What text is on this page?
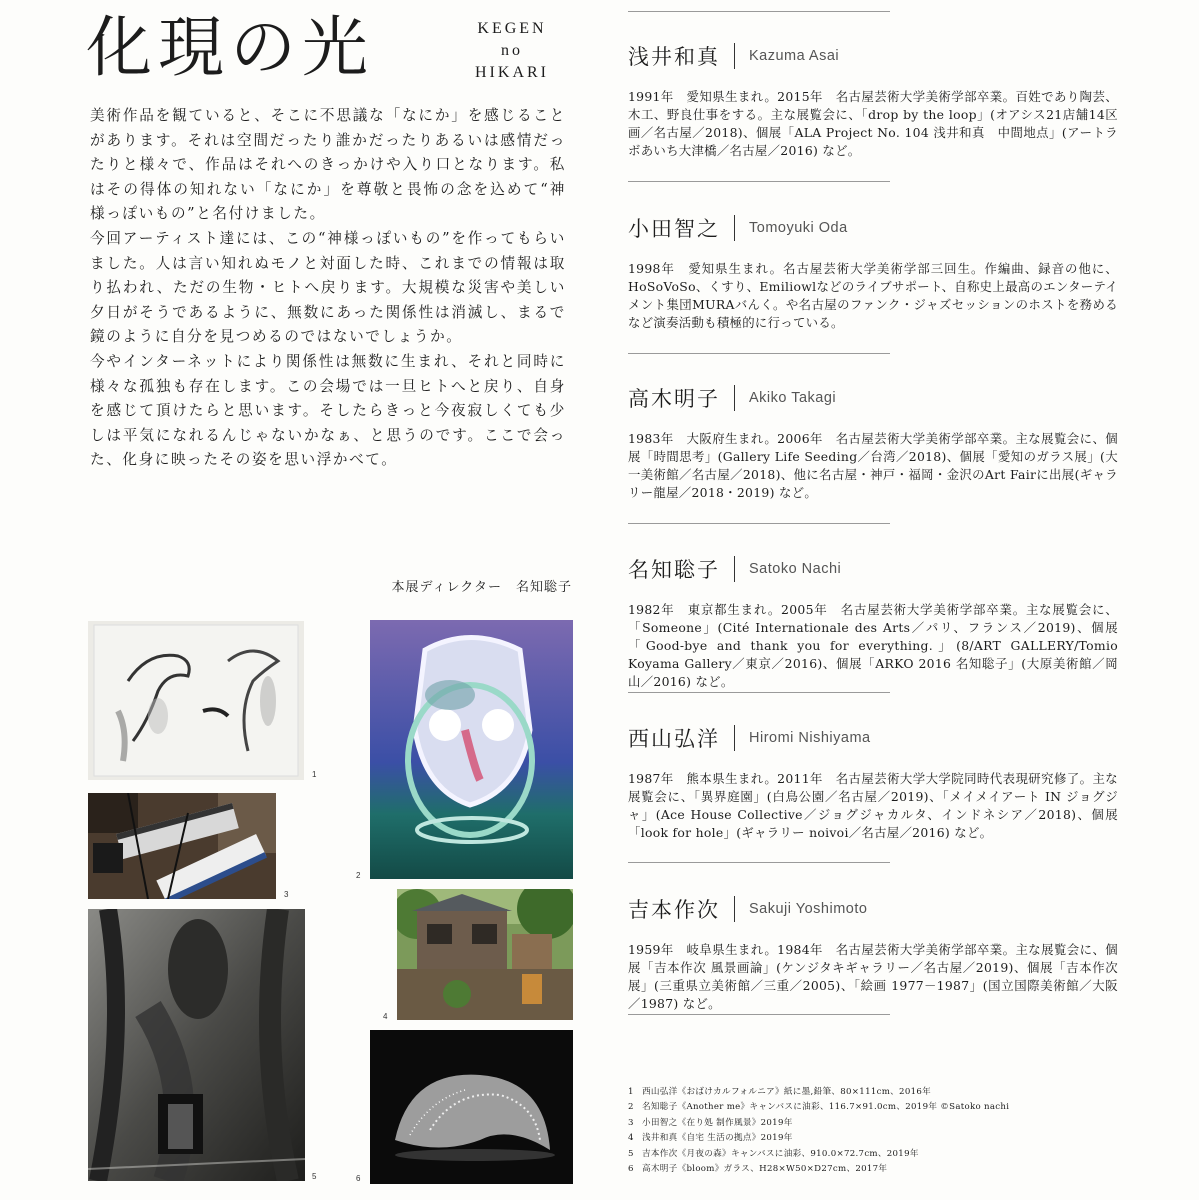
化現の光	KEGEN
no
HIKARI

美術作品を観ていると、そこに不思議な「なにか」を感じることがあります。それは空間だったり誰かだったりあるいは感情だったりと様々で、作品はそれへのきっかけや入り口となります。私はその得体の知れない「なにか」を尊敬と畏怖の念を込めて“神様っぽいもの”と名付けました。

今回アーティスト達には、この“神様っぽいもの”を作ってもらいました。人は言い知れぬモノと対面した時、これまでの情報は取り払われ、ただの生物・ヒトへ戻ります。大規模な災害や美しい夕日がそうであるように、無数にあった関係性は消滅し、まるで鏡のように自分を見つめるのではないでしょうか。

今やインターネットにより関係性は無数に生まれ、それと同時に様々な孤独も存在します。この会場では一旦ヒトへと戻り、自身を感じて頂けたらと思います。そしたらきっと今夜寂しくても少しは平気になれるんじゃないかなぁ、と思うのです。ここで会った、化身に映ったその姿を思い浮かべて。

本展ディレクター　名知聡子
1
2
3
4
5	6
浅井和真 Kazuma Asai
1991年　愛知県生まれ。2015年　名古屋芸術大学美術学部卒業。百姓であり陶芸、木工、野良仕事をする。主な展覧会に、「drop by the loop」(オアシス21店舗14区画／名古屋／2018)、個展「ALA Project No. 104 浅井和真　中間地点」(アートラボあいち大津橋／名古屋／2016) など。
小田智之 Tomoyuki Oda
1998年　愛知県生まれ。名古屋芸術大学美術学部三回生。作編曲、録音の他に、HoSoVoSo、くすり、Emiliowlなどのライブサポート、自称史上最高のエンターテイメント集団MURAバんく。や名古屋のファンク・ジャズセッションのホストを務めるなど演奏活動も積極的に行っている。
高木明子 Akiko Takagi
1983年　大阪府生まれ。2006年　名古屋芸術大学美術学部卒業。主な展覧会に、個展「時間思考」(Gallery Life Seeding／台湾／2018)、個展「愛知のガラス展」(大一美術館／名古屋／2018)、他に名古屋・神戸・福岡・金沢のArt Fairに出展(ギャラリー龍屋／2018・2019) など。
名知聡子 Satoko Nachi
1982年　東京都生まれ。2005年　名古屋芸術大学美術学部卒業。主な展覧会に、「Someone」(Cité Internationale des Arts／パリ、フランス／2019)、個展「Good-bye and thank you for everything.」(8/ART GALLERY/Tomio Koyama Gallery／東京／2016)、個展「ARKO 2016 名知聡子」(大原美術館／岡山／2016) など。
西山弘洋 Hiromi Nishiyama
1987年　熊本県生まれ。2011年　名古屋芸術大学大学院同時代表現研究修了。主な展覧会に、「異界庭園」(白鳥公園／名古屋／2019)、「メイメイアート IN ジョグジャ」(Ace House Collective／ジョグジャカルタ、インドネシア／2018)、個展「look for hole」(ギャラリー noivoi／名古屋／2016) など。
吉本作次 Sakuji Yoshimoto
1959年　岐阜県生まれ。1984年　名古屋芸術大学美術学部卒業。主な展覧会に、個展「吉本作次 風景画論」(ケンジタキギャラリー／名古屋／2019)、個展「吉本作次展」(三重県立美術館／三重／2005)、「絵画 1977－1987」(国立国際美術館／大阪／1987) など。
1 西山弘洋《おばけカルフォルニア》紙に墨,鉛筆、80×111cm、2016年
2 名知聡子《Another me》キャンバスに油彩、116.7×91.0cm、2019年 ©Satoko nachi
3 小田智之《在り処 制作風景》2019年
4 浅井和真《自宅 生活の拠点》2019年
5 吉本作次《月夜の森》キャンバスに油彩、910.0×72.7cm、2019年
6 高木明子《bloom》ガラス、H28×W50×D27cm、2017年
